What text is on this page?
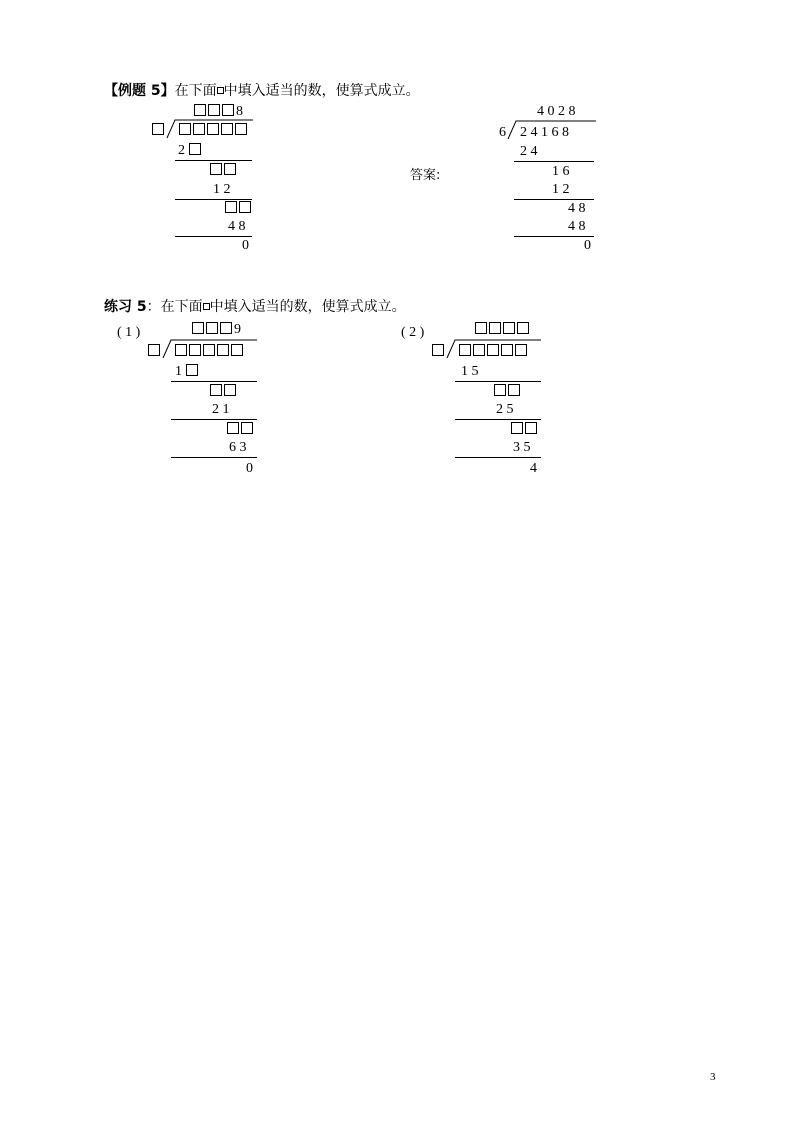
【例题 5】在下面 中填入适当的数，使算式成立。
8
2
1 2
4 8
0
答案:
4 0 2 8
6 2 4 1 6 8
2 4
1 6
1 2
4 8
4 8
0
练习 5：在下面 中填入适当的数，使算式成立。
( 1 )	9
1
2 1
6 3
0
( 2 )
1 5
2 5
3 5
4
3
